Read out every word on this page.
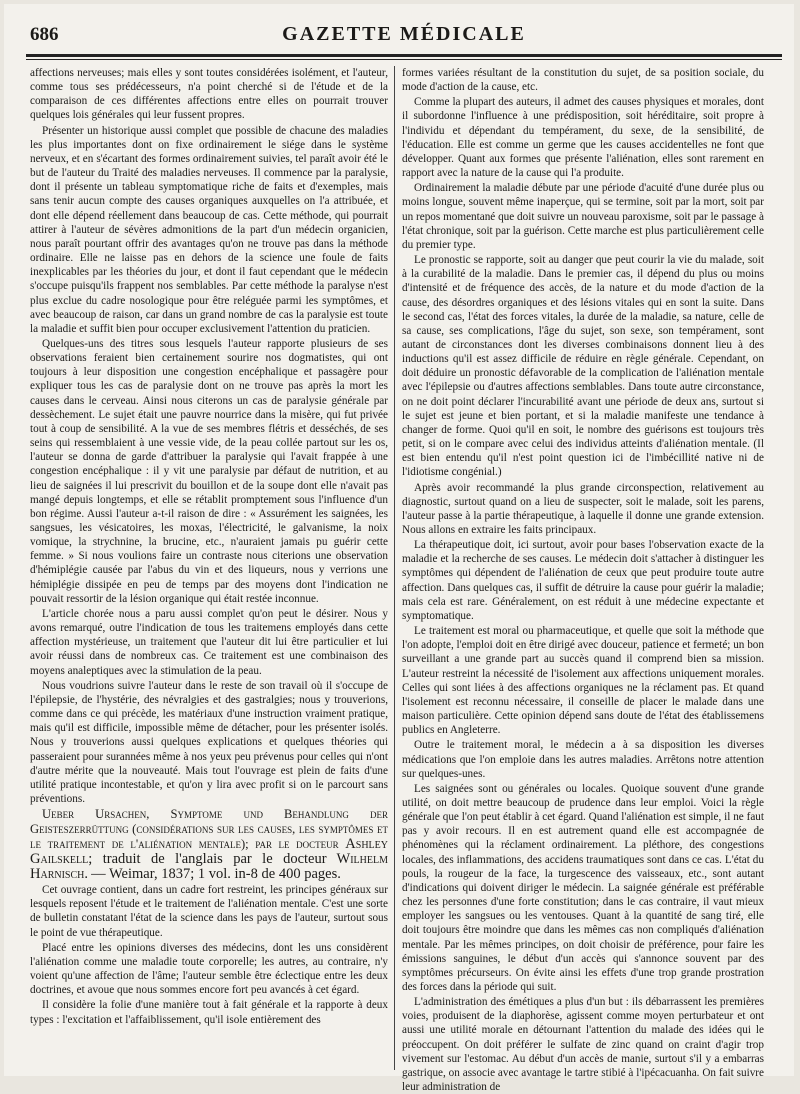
686	GAZETTE MÉDICALE

affections nerveuses; mais elles y sont toutes considérées isolément, et l'auteur, comme tous ses prédécesseurs, n'a point cherché si de l'étude et de la comparaison de ces différentes affections entre elles on pourrait trouver quelques lois générales qui leur fussent propres.

Présenter un historique aussi complet que possible de chacune des maladies les plus importantes dont on fixe ordinairement le siége dans le système nerveux, et en s'écartant des formes ordinairement suivies, tel paraît avoir été le but de l'auteur du Traité des maladies nerveuses. Il commence par la paralysie, dont il présente un tableau symptomatique riche de faits et d'exemples, mais sans tenir aucun compte des causes organiques auxquelles on l'a attribuée, et dont elle dépend réellement dans beaucoup de cas. Cette méthode, qui pourrait attirer à l'auteur de sévères admonitions de la part d'un médecin organicien, nous paraît pourtant offrir des avantages qu'on ne trouve pas dans la méthode ordinaire. Elle ne laisse pas en dehors de la science une foule de faits inexplicables par les théories du jour, et dont il faut cependant que le médecin s'occupe puisqu'ils frappent nos semblables. Par cette méthode la paralyse n'est plus exclue du cadre nosologique pour être reléguée parmi les symptômes, et avec beaucoup de raison, car dans un grand nombre de cas la paralysie est toute la maladie et suffit bien pour occuper exclusivement l'attention du praticien.

Quelques-uns des titres sous lesquels l'auteur rapporte plusieurs de ses observations feraient bien certainement sourire nos dogmatistes, qui ont toujours à leur disposition une congestion encéphalique et passagère pour expliquer tous les cas de paralysie dont on ne trouve pas après la mort les causes dans le cerveau. Ainsi nous citerons un cas de paralysie générale par dessèchement. Le sujet était une pauvre nourrice dans la misère, qui fut privée tout à coup de sensibilité. A la vue de ses membres flétris et desséchés, de ses seins qui ressemblaient à une vessie vide, de la peau collée partout sur les os, l'auteur se donna de garde d'attribuer la paralysie qui l'avait frappée à une congestion encéphalique : il y vit une paralysie par défaut de nutrition, et au lieu de saignées il lui prescrivit du bouillon et de la soupe dont elle n'avait pas mangé depuis longtemps, et elle se rétablit promptement sous l'influence d'un bon régime. Aussi l'auteur a-t-il raison de dire : « Assurément les saignées, les sangsues, les vésicatoires, les moxas, l'électricité, le galvanisme, la noix vomique, la strychnine, la brucine, etc., n'auraient jamais pu guérir cette femme. » Si nous voulions faire un contraste nous citerions une observation d'hémiplégie causée par l'abus du vin et des liqueurs, nous y verrions une hémiplégie dissipée en peu de temps par des moyens dont l'indication ne pouvait ressortir de la lésion organique qui était restée inconnue.

L'article chorée nous a paru aussi complet qu'on peut le désirer. Nous y avons remarqué, outre l'indication de tous les traitemens employés dans cette affection mystérieuse, un traitement que l'auteur dit lui être particulier et lui avoir réussi dans de nombreux cas. Ce traitement est une combinaison des moyens analeptiques avec la stimulation de la peau.

Nous voudrions suivre l'auteur dans le reste de son travail où il s'occupe de l'épilepsie, de l'hystérie, des névralgies et des gastralgies; nous y trouverions, comme dans ce qui précède, les matériaux d'une instruction vraiment pratique, mais qu'il est difficile, impossible même de détacher, pour les présenter isolés. Nous y trouverions aussi quelques explications et quelques théories qui passeraient pour surannées même à nos yeux peu prévenus pour celles qui n'ont d'autre mérite que la nouveauté. Mais tout l'ouvrage est plein de faits d'une utilité pratique incontestable, et qu'on y lira avec profit si on le parcourt sans préventions.

Ueber Ursachen, Symptome und Behandlung der Geisteszerrüttung (considérations sur les causes, les symptômes et le traitement de l'aliénation mentale); par le docteur Ashley Gailskell; traduit de l'anglais par le docteur Wilhelm Harnisch. — Weimar, 1837; 1 vol. in-8 de 400 pages.

Cet ouvrage contient, dans un cadre fort restreint, les principes généraux sur lesquels reposent l'étude et le traitement de l'aliénation mentale. C'est une sorte de bulletin constatant l'état de la science dans les pays de l'auteur, surtout sous le point de vue thérapeutique.

Placé entre les opinions diverses des médecins, dont les uns considèrent l'aliénation comme une maladie toute corporelle; les autres, au contraire, n'y voient qu'une affection de l'âme; l'auteur semble être éclectique entre les deux doctrines, et avoue que nous sommes encore fort peu avancés à cet égard.

Il considère la folie d'une manière tout à fait générale et la rapporte à deux types : l'excitation et l'affaiblissement, qu'il isole entièrement des

formes variées résultant de la constitution du sujet, de sa position sociale, du mode d'action de la cause, etc.

Comme la plupart des auteurs, il admet des causes physiques et morales, dont il subordonne l'influence à une prédisposition, soit héréditaire, soit propre à l'individu et dépendant du tempérament, du sexe, de la sensibilité, de l'éducation. Elle est comme un germe que les causes accidentelles ne font que développer. Quant aux formes que présente l'aliénation, elles sont rarement en rapport avec la nature de la cause qui l'a produite.

Ordinairement la maladie débute par une période d'acuité d'une durée plus ou moins longue, souvent même inaperçue, qui se termine, soit par la mort, soit par un repos momentané que doit suivre un nouveau paroxisme, soit par le passage à l'état chronique, soit par la guérison. Cette marche est plus particulièrement celle du premier type.

Le pronostic se rapporte, soit au danger que peut courir la vie du malade, soit à la curabilité de la maladie. Dans le premier cas, il dépend du plus ou moins d'intensité et de fréquence des accès, de la nature et du mode d'action de la cause, des désordres organiques et des lésions vitales qui en sont la suite. Dans le second cas, l'état des forces vitales, la durée de la maladie, sa nature, celle de sa cause, ses complications, l'âge du sujet, son sexe, son tempérament, sont autant de circonstances dont les diverses combinaisons donnent lieu à des inductions qu'il est assez difficile de réduire en règle générale. Cependant, on doit déduire un pronostic défavorable de la complication de l'aliénation mentale avec l'épilepsie ou d'autres affections semblables. Dans toute autre circonstance, on ne doit point déclarer l'incurabilité avant une période de deux ans, surtout si le sujet est jeune et bien portant, et si la maladie manifeste une tendance à changer de forme. Quoi qu'il en soit, le nombre des guérisons est toujours très petit, si on le compare avec celui des individus atteints d'aliénation mentale. (Il est bien entendu qu'il n'est point question ici de l'imbécillité native ni de l'idiotisme congénial.)

Après avoir recommandé la plus grande circonspection, relativement au diagnostic, surtout quand on a lieu de suspecter, soit le malade, soit les parens, l'auteur passe à la partie thérapeutique, à laquelle il donne une grande extension. Nous allons en extraire les faits principaux.

La thérapeutique doit, ici surtout, avoir pour bases l'observation exacte de la maladie et la recherche de ses causes. Le médecin doit s'attacher à distinguer les symptômes qui dépendent de l'aliénation de ceux que peut produire toute autre affection. Dans quelques cas, il suffit de détruire la cause pour guérir la maladie; mais cela est rare. Généralement, on est réduit à une médecine expectante et symptomatique.

Le traitement est moral ou pharmaceutique, et quelle que soit la méthode que l'on adopte, l'emploi doit en être dirigé avec douceur, patience et fermeté; un bon surveillant a une grande part au succès quand il comprend bien sa mission. L'auteur restreint la nécessité de l'isolement aux affections uniquement morales. Celles qui sont liées à des affections organiques ne la réclament pas. Et quand l'isolement est reconnu nécessaire, il conseille de placer le malade dans une maison particulière. Cette opinion dépend sans doute de l'état des établissemens publics en Angleterre.

Outre le traitement moral, le médecin a à sa disposition les diverses médications que l'on emploie dans les autres maladies. Arrêtons notre attention sur quelques-unes.

Les saignées sont ou générales ou locales. Quoique souvent d'une grande utilité, on doit mettre beaucoup de prudence dans leur emploi. Voici la règle générale que l'on peut établir à cet égard. Quand l'aliénation est simple, il ne faut pas y avoir recours. Il en est autrement quand elle est accompagnée de phénomènes qui la réclament ordinairement. La pléthore, des congestions locales, des inflammations, des accidens traumatiques sont dans ce cas. L'état du pouls, la rougeur de la face, la turgescence des vaisseaux, etc., sont autant d'indications qui doivent diriger le médecin. La saignée générale est préférable chez les personnes d'une forte constitution; dans le cas contraire, il vaut mieux employer les sangsues ou les ventouses. Quant à la quantité de sang tiré, elle doit toujours être moindre que dans les mêmes cas non compliqués d'aliénation mentale. Par les mêmes principes, on doit choisir de préférence, pour faire les émissions sanguines, le début d'un accès qui s'annonce souvent par des symptômes précurseurs. On évite ainsi les effets d'une trop grande prostration des forces dans la période qui suit.

L'administration des émétiques a plus d'un but : ils débarrassent les premières voies, produisent de la diaphorèse, agissent comme moyen perturbateur et ont aussi une utilité morale en détournant l'attention du malade des idées qui le préoccupent. On doit préférer le sulfate de zinc quand on craint d'agir trop vivement sur l'estomac. Au début d'un accès de manie, surtout s'il y a embarras gastrique, on associe avec avantage le tartre stibié à l'ipécacuanha. On fait suivre leur administration de
